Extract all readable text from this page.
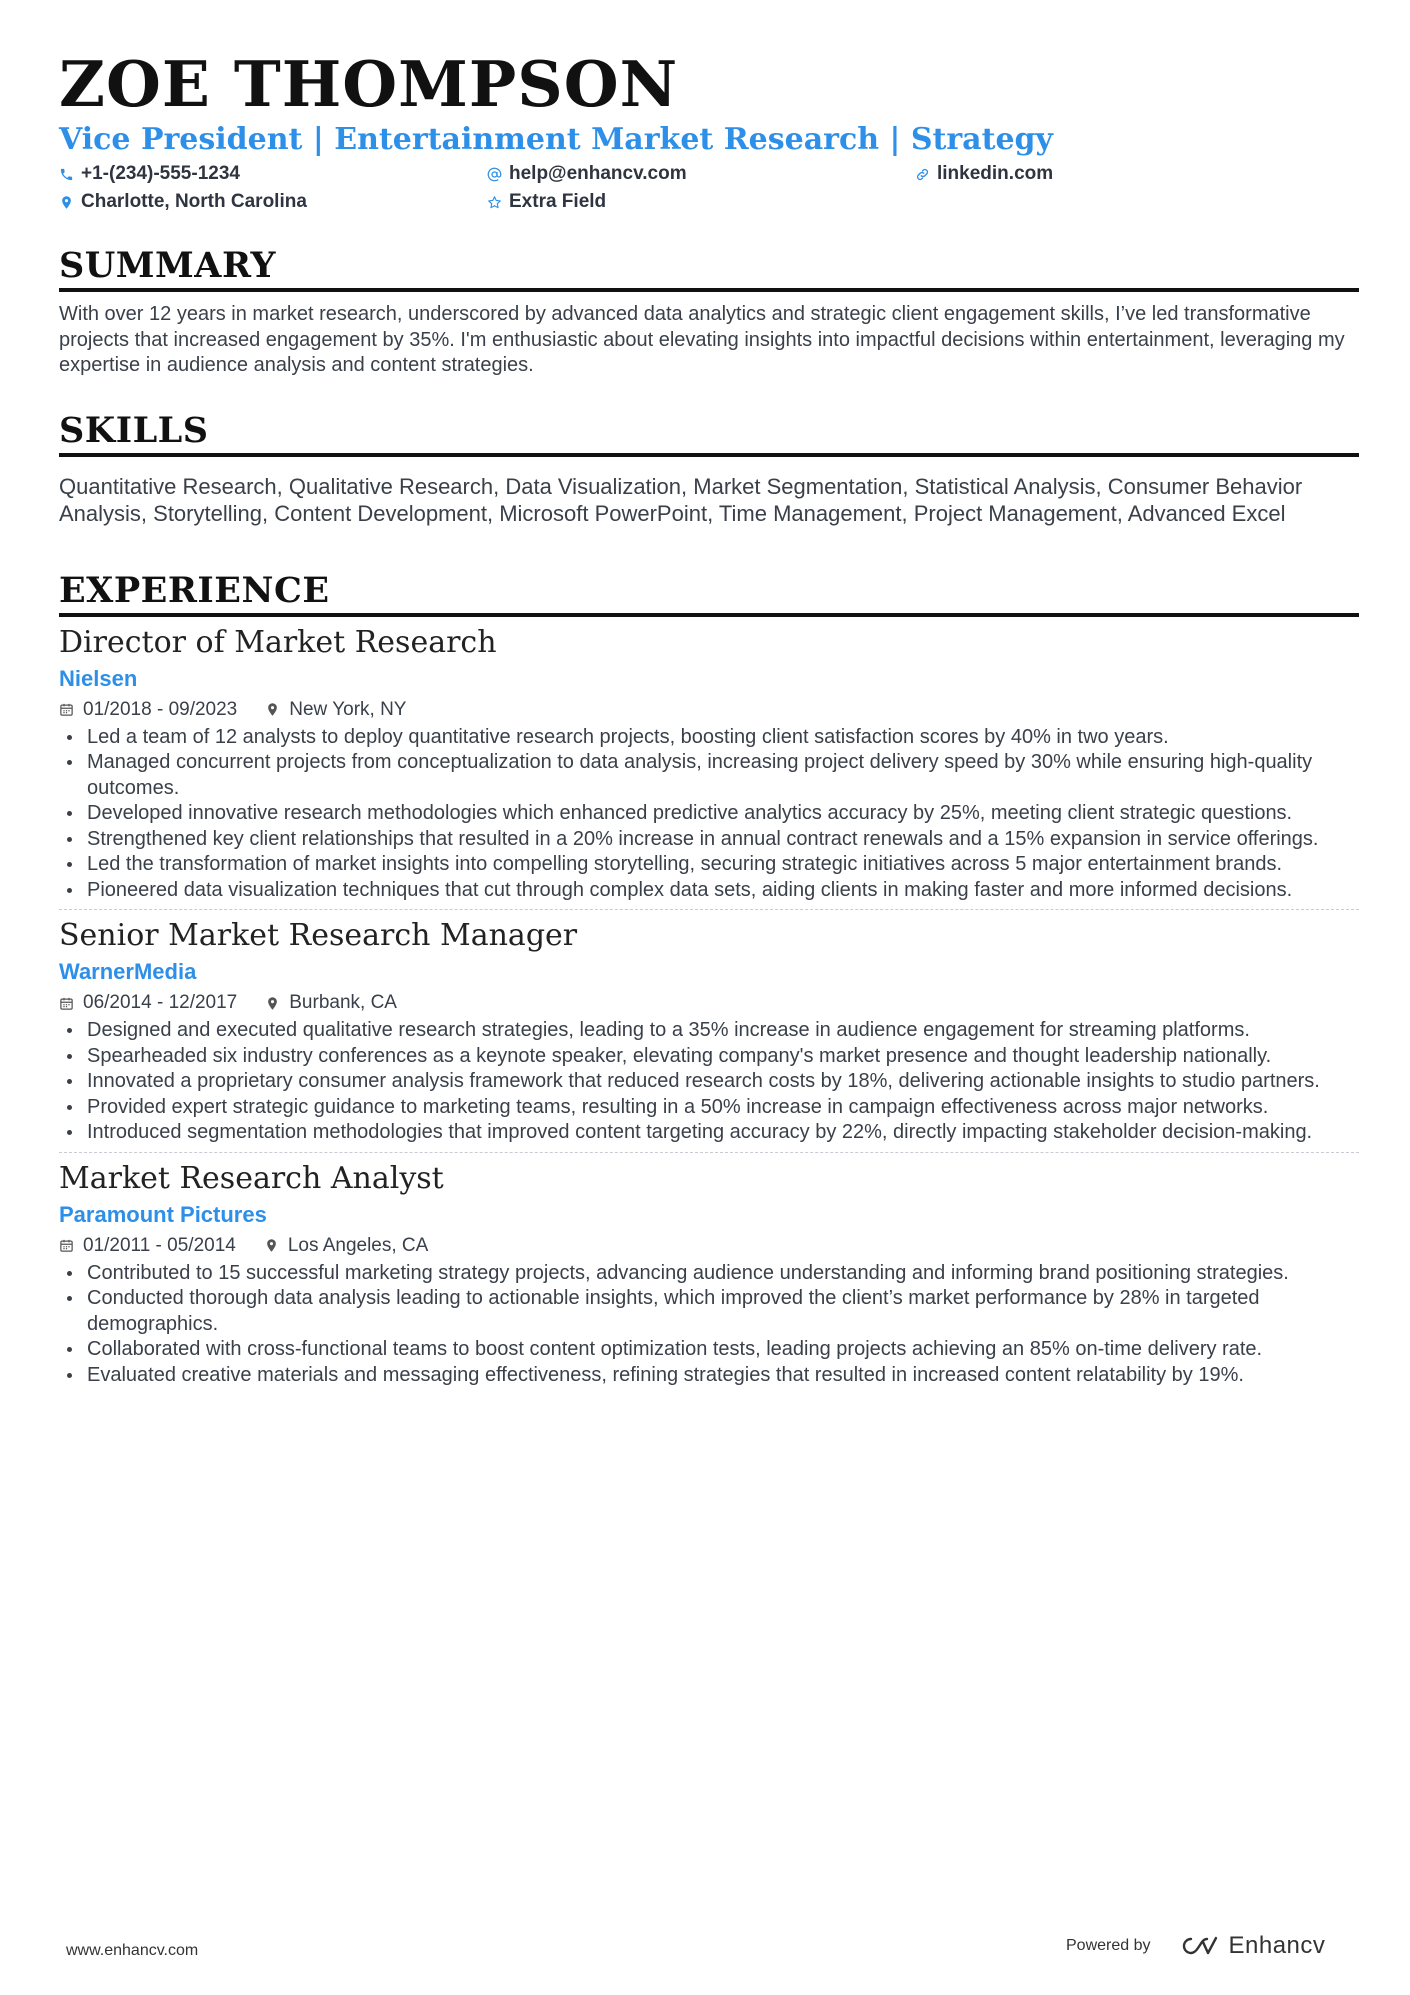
ZOE THOMPSON
Vice President | Entertainment Market Research | Strategy
+1-(234)-555-1234	help@enhancv.com	linkedin.com
Charlotte, North Carolina	Extra Field
SUMMARY
With over 12 years in market research, underscored by advanced data analytics and strategic client engagement skills, I’ve led transformative projects that increased engagement by 35%. I'm enthusiastic about elevating insights into impactful decisions within entertainment, leveraging my expertise in audience analysis and content strategies.
SKILLS
Quantitative Research, Qualitative Research, Data Visualization, Market Segmentation, Statistical Analysis, Consumer Behavior Analysis, Storytelling, Content Development, Microsoft PowerPoint, Time Management, Project Management, Advanced Excel
EXPERIENCE
Director of Market Research
Nielsen
01/2018 - 09/2023	New York, NY
Led a team of 12 analysts to deploy quantitative research projects, boosting client satisfaction scores by 40% in two years.
Managed concurrent projects from conceptualization to data analysis, increasing project delivery speed by 30% while ensuring high-quality outcomes.
Developed innovative research methodologies which enhanced predictive analytics accuracy by 25%, meeting client strategic questions.
Strengthened key client relationships that resulted in a 20% increase in annual contract renewals and a 15% expansion in service offerings.
Led the transformation of market insights into compelling storytelling, securing strategic initiatives across 5 major entertainment brands.
Pioneered data visualization techniques that cut through complex data sets, aiding clients in making faster and more informed decisions.
Senior Market Research Manager
WarnerMedia
06/2014 - 12/2017	Burbank, CA
Designed and executed qualitative research strategies, leading to a 35% increase in audience engagement for streaming platforms.
Spearheaded six industry conferences as a keynote speaker, elevating company's market presence and thought leadership nationally.
Innovated a proprietary consumer analysis framework that reduced research costs by 18%, delivering actionable insights to studio partners.
Provided expert strategic guidance to marketing teams, resulting in a 50% increase in campaign effectiveness across major networks.
Introduced segmentation methodologies that improved content targeting accuracy by 22%, directly impacting stakeholder decision-making.
Market Research Analyst
Paramount Pictures
01/2011 - 05/2014	Los Angeles, CA
Contributed to 15 successful marketing strategy projects, advancing audience understanding and informing brand positioning strategies.
Conducted thorough data analysis leading to actionable insights, which improved the client’s market performance by 28% in targeted demographics.
Collaborated with cross-functional teams to boost content optimization tests, leading projects achieving an 85% on-time delivery rate.
Evaluated creative materials and messaging effectiveness, refining strategies that resulted in increased content relatability by 19%.
www.enhancv.com	Powered by	Enhancv
